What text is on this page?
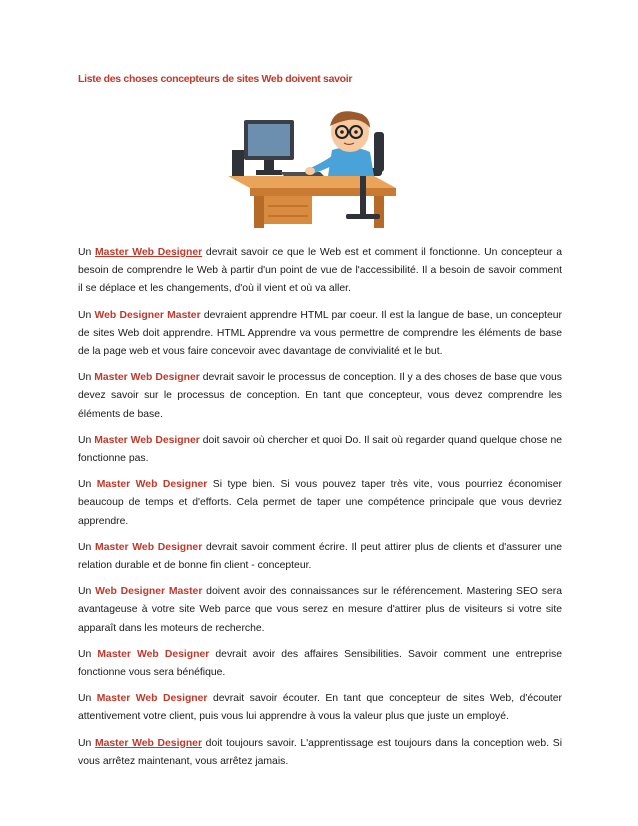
Liste des choses concepteurs de sites Web doivent savoir

Un Master Web Designer devrait savoir ce que le Web est et comment il fonctionne. Un concepteur a besoin de comprendre le Web à partir d'un point de vue de l'accessibilité. Il a besoin de savoir comment il se déplace et les changements, d'où il vient et où va aller.

Un Web Designer Master devraient apprendre HTML par coeur. Il est la langue de base, un concepteur de sites Web doit apprendre. HTML Apprendre va vous permettre de comprendre les éléments de base de la page web et vous faire concevoir avec davantage de convivialité et le but.

Un Master Web Designer devrait savoir le processus de conception. Il y a des choses de base que vous devez savoir sur le processus de conception. En tant que concepteur, vous devez comprendre les éléments de base.

Un Master Web Designer doit savoir où chercher et quoi Do. Il sait où regarder quand quelque chose ne fonctionne pas.

Un Master Web Designer Si type bien. Si vous pouvez taper très vite, vous pourriez économiser beaucoup de temps et d'efforts. Cela permet de taper une compétence principale que vous devriez apprendre.

Un Master Web Designer devrait savoir comment écrire. Il peut attirer plus de clients et d'assurer une relation durable et de bonne fin client - concepteur.

Un Web Designer Master doivent avoir des connaissances sur le référencement. Mastering SEO sera avantageuse à votre site Web parce que vous serez en mesure d'attirer plus de visiteurs si votre site apparaît dans les moteurs de recherche.

Un Master Web Designer devrait avoir des affaires Sensibilities. Savoir comment une entreprise fonctionne vous sera bénéfique.

Un Master Web Designer devrait savoir écouter. En tant que concepteur de sites Web, d'écouter attentivement votre client, puis vous lui apprendre à vous la valeur plus que juste un employé.

Un Master Web Designer doit toujours savoir. L'apprentissage est toujours dans la conception web. Si vous arrêtez maintenant, vous arrêtez jamais.
